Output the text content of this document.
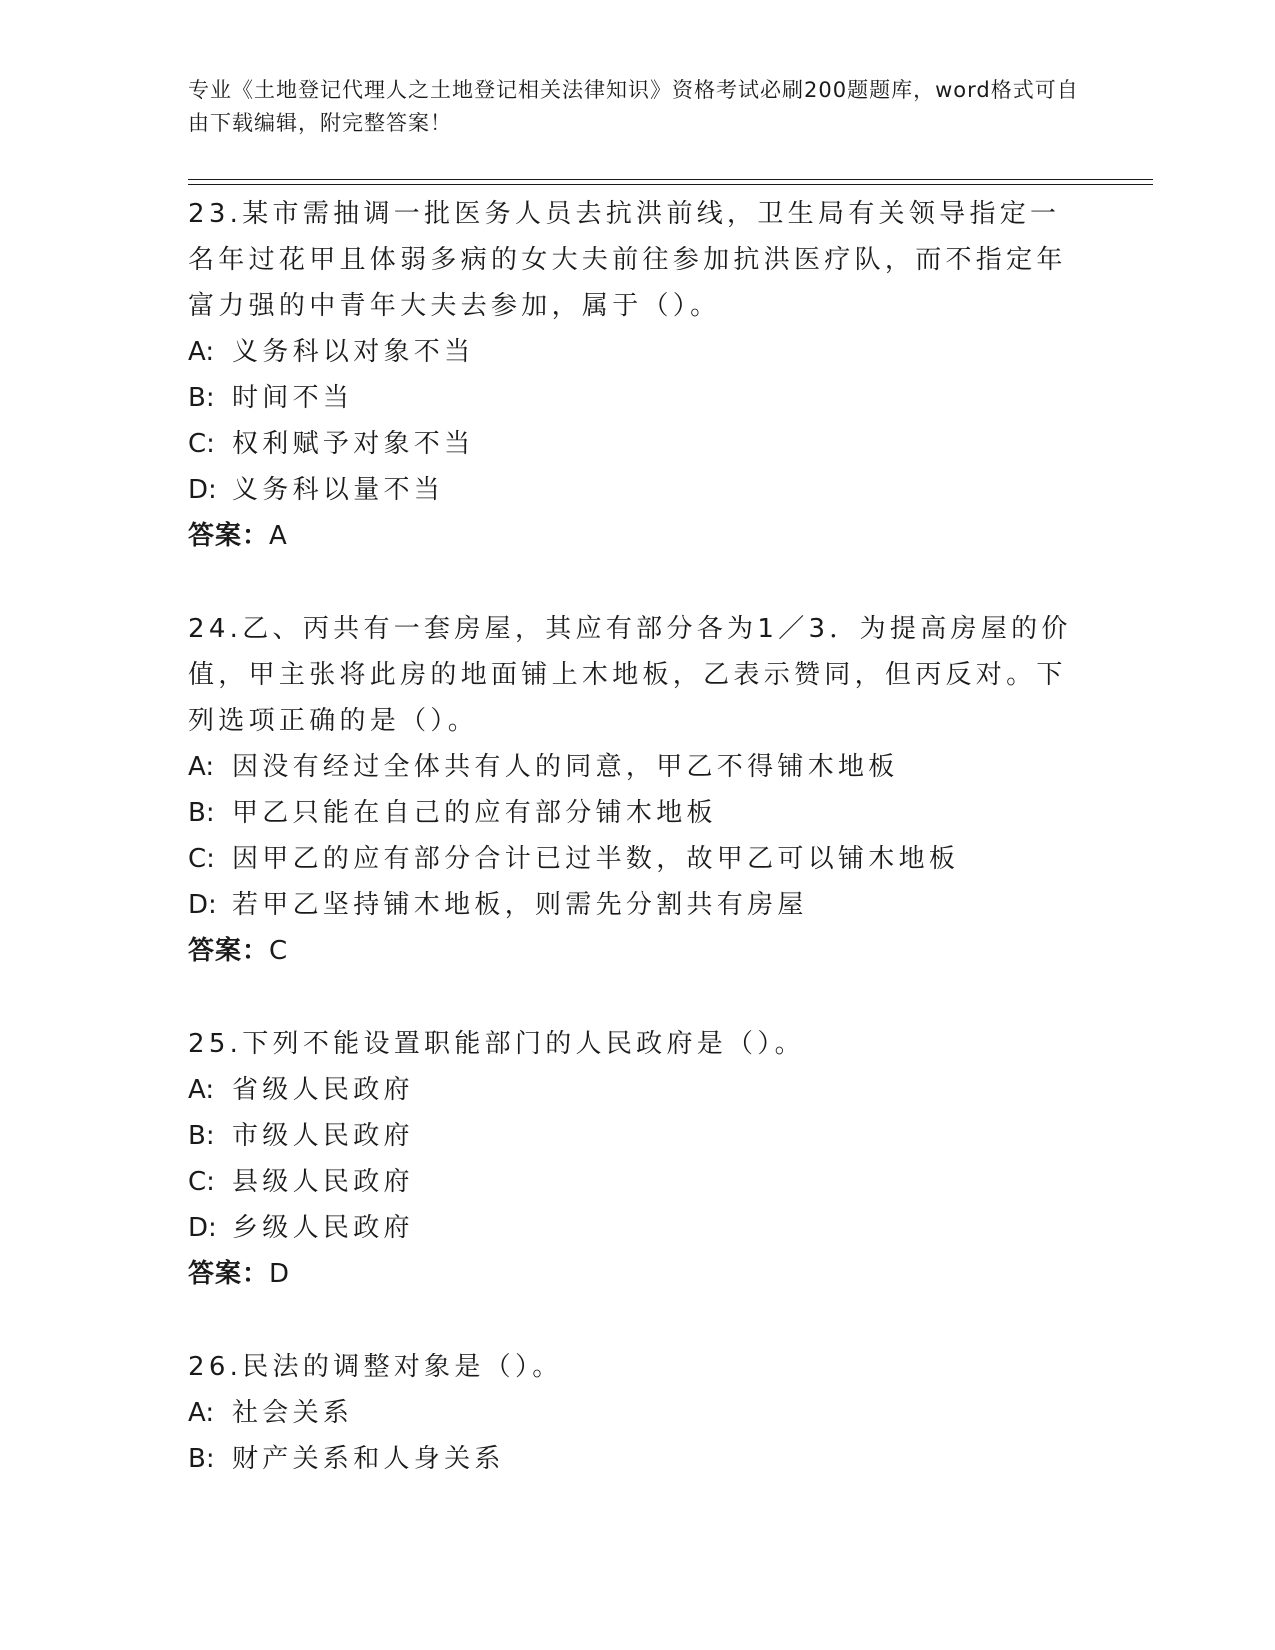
专业《土地登记代理人之土地登记相关法律知识》资格考试必刷200题题库，word格式可自由下载编辑，附完整答案！

23.某市需抽调一批医务人员去抗洪前线，卫生局有关领导指定一名年过花甲且体弱多病的女大夫前往参加抗洪医疗队，而不指定年富力强的中青年大夫去参加，属于（）。

A: 义务科以对象不当

B: 时间不当

C: 权利赋予对象不当

D: 义务科以量不当

答案：A

24.乙、丙共有一套房屋，其应有部分各为1／3．为提高房屋的价值，甲主张将此房的地面铺上木地板，乙表示赞同，但丙反对。下列选项正确的是（）。

A: 因没有经过全体共有人的同意，甲乙不得铺木地板

B: 甲乙只能在自己的应有部分铺木地板

C: 因甲乙的应有部分合计已过半数，故甲乙可以铺木地板

D: 若甲乙坚持铺木地板，则需先分割共有房屋

答案：C

25.下列不能设置职能部门的人民政府是（）。

A: 省级人民政府

B: 市级人民政府

C: 县级人民政府

D: 乡级人民政府

答案：D

26.民法的调整对象是（）。

A: 社会关系

B: 财产关系和人身关系
